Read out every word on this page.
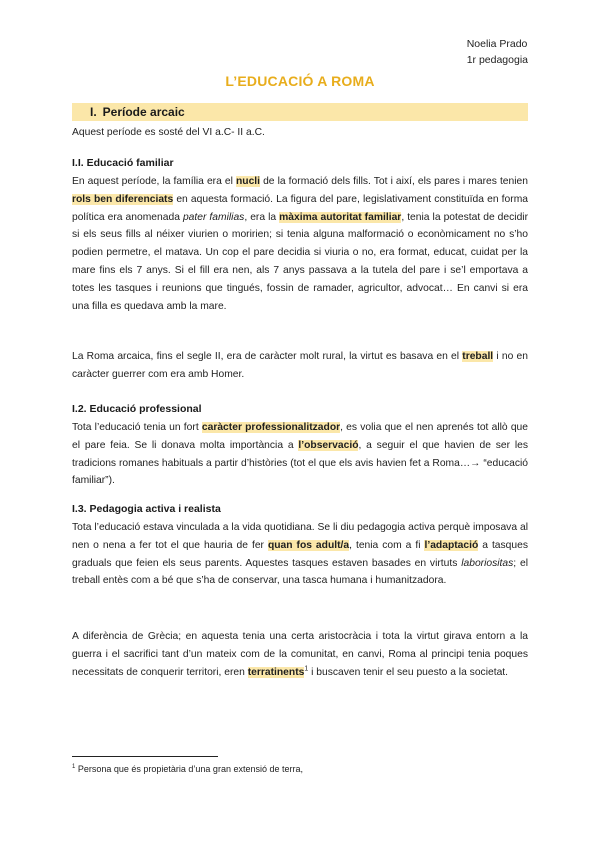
Noelia Prado
1r pedagogia
L’EDUCACIÓ A ROMA
I. Període arcaic
Aquest període es sosté del VI a.C- II a.C.
I.I. Educació familiar
En aquest període, la família era el nucli de la formació dels fills. Tot i així, els pares i mares tenien rols ben diferenciats en aquesta formació. La figura del pare, legislativament constituïda en forma política era anomenada pater familias, era la màxima autoritat familiar, tenia la potestat de decidir si els seus fills al néixer viurien o moririen; si tenia alguna malformació o econòmicament no s’ho podien permetre, el matava. Un cop el pare decidia si viuria o no, era format, educat, cuidat per la mare fins els 7 anys. Si el fill era nen, als 7 anys passava a la tutela del pare i se’l emportava a totes les tasques i reunions que tingués, fossin de ramader, agricultor, advocat… En canvi si era una filla es quedava amb la mare.
La Roma arcaica, fins el segle II, era de caràcter molt rural, la virtut es basava en el treball i no en caràcter guerrer com era amb Homer.
I.2. Educació professional
Tota l’educació tenia un fort caràcter professionalitzador, es volia que el nen aprenés tot allò que el pare feia. Se li donava molta importància a l’observació, a seguir el que havien de ser les tradicions romanes habituals a partir d’històries (tot el que els avis havien fet a Roma…→ “educació familiar”).
I.3. Pedagogia activa i realista
Tota l’educació estava vinculada a la vida quotidiana. Se li diu pedagogia activa perquè imposava al nen o nena a fer tot el que hauria de fer quan fos adult/a, tenia com a fi l’adaptació a tasques graduals que feien els seus parents. Aquestes tasques estaven basades en virtuts laboriositas; el treball entès com a bé que s’ha de conservar, una tasca humana i humanitzadora.
A diferència de Grècia; en aquesta tenia una certa aristocràcia i tota la virtut girava entorn a la guerra i el sacrifici tant d’un mateix com de la comunitat, en canvi, Roma al principi tenia poques necessitats de conquerir territori, eren terratinents$^1$ i buscaven tenir el seu puesto a la societat.
$^1$ Persona que és propietària d’una gran extensió de terra,
